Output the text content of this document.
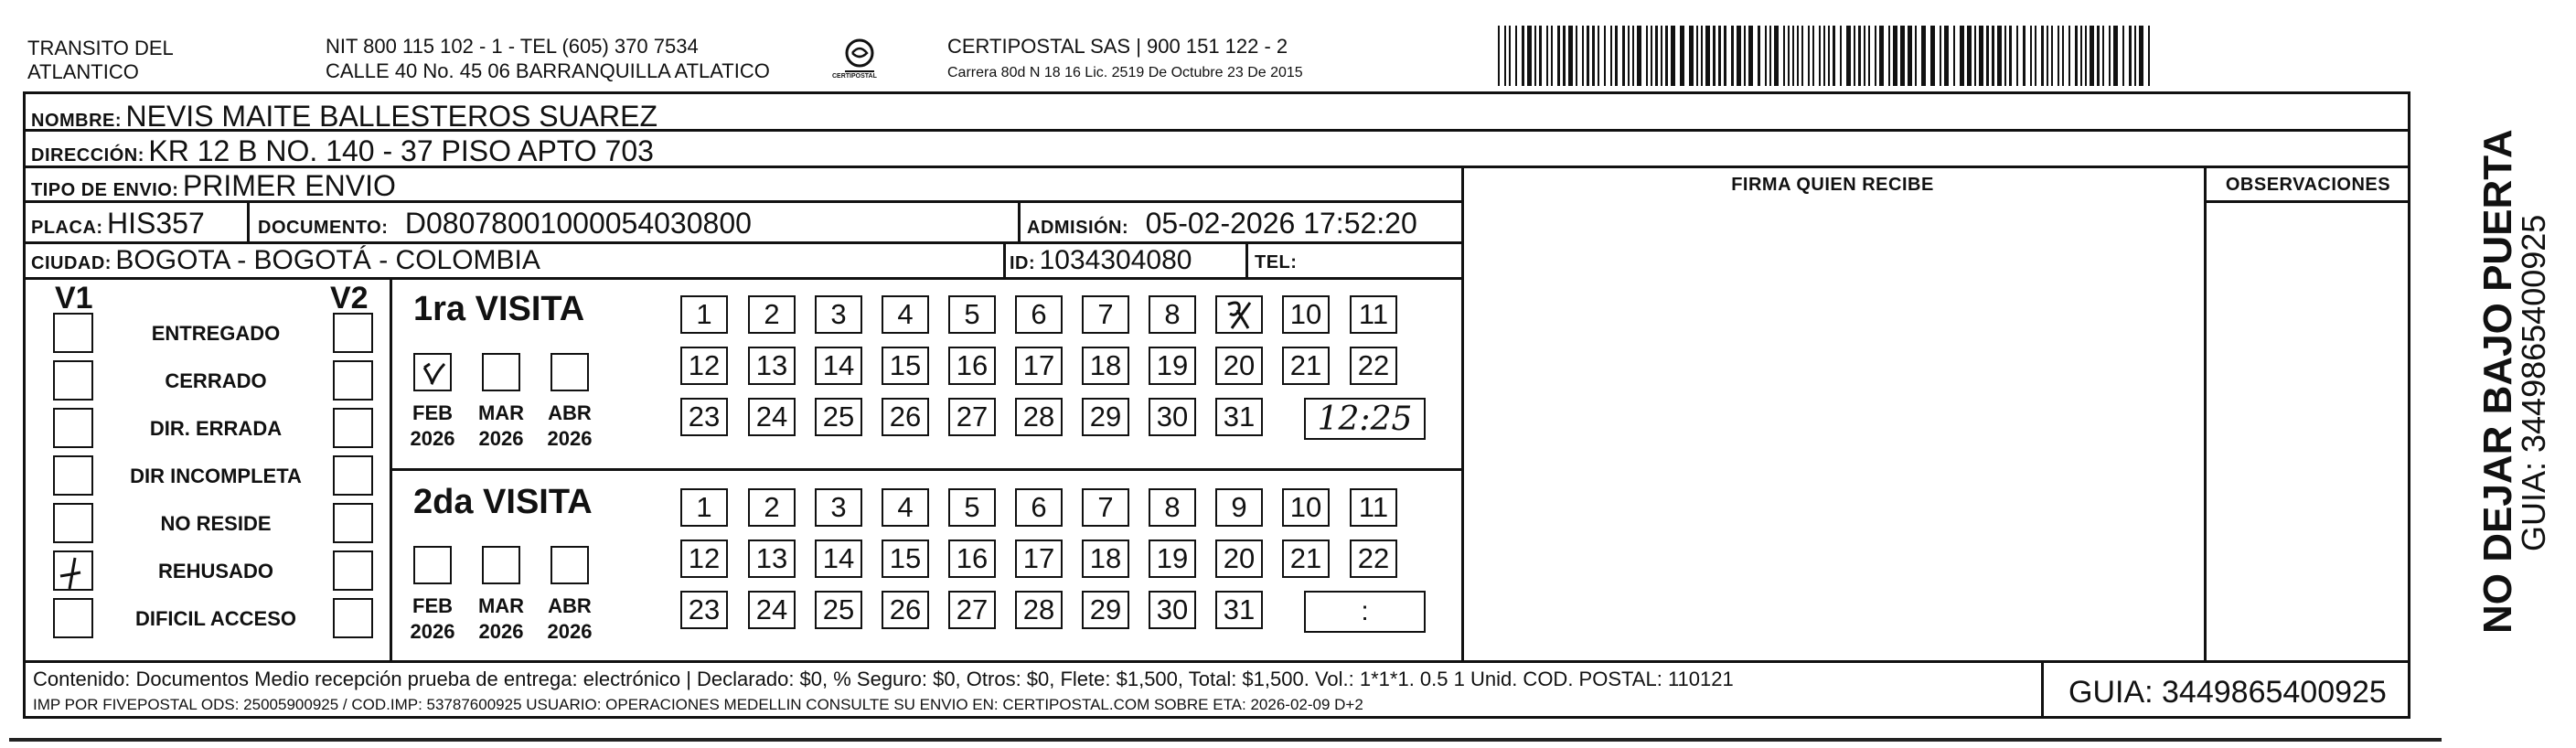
TRANSITO DEL
ATLANTICO
NIT 800 115 102 - 1 - TEL (605) 370 7534
CALLE 40 No. 45 06 BARRANQUILLA ATLATICO	CERTIPOSTAL
CERTIPOSTAL SAS | 900 151 122 - 2
Carrera 80d N 18 16 Lic. 2519 De Octubre 23 De 2015
NOMBRE: NEVIS MAITE BALLESTEROS SUAREZ
DIRECCIÓN: KR 12 B NO. 140 - 37 PISO APTO 703
TIPO DE ENVIO: PRIMER ENVIO
PLACA: HIS357	DOCUMENTO: D08078001000054030800	ADMISIÓN: 05-02-2026 17:52:20
CIUDAD: BOGOTA - BOGOTÁ - COLOMBIA	ID: 1034304080	TEL:
FIRMA QUIEN RECIBE	OBSERVACIONES
V1	V2
ENTREGADO
CERRADO
DIR. ERRADA
DIR INCOMPLETA
NO RESIDE
REHUSADO
DIFICIL ACCESO
1ra VISITA
FEB
2026
MAR
2026
ABR
2026
1	2	3	4	5	6	7	8	10	11
12 13 14 15 16 17 18 19 20 21 22
23 24 25 26 27 28 29 30 31 12:25
2da VISITA
FEB
2026
MAR
2026
ABR
2026
1	2	3	4	5	6	7	8	9	10	11
12 13 14 15 16 17 18 19 20 21 22
23 24 25 26 27 28 29 30 31	:
Contenido: Documentos Medio recepción prueba de entrega: electrónico | Declarado: $0, % Seguro: $0, Otros: $0, Flete: $1,500, Total: $1,500. Vol.: 1*1*1. 0.5 1 Unid. COD. POSTAL: 110121
IMP POR FIVEPOSTAL ODS: 25005900925 / COD.IMP: 53787600925 USUARIO: OPERACIONES MEDELLIN CONSULTE SU ENVIO EN: CERTIPOSTAL.COM SOBRE ETA: 2026-02-09 D+2	GUIA: 3449865400925
NO DEJAR BAJO PUERTA
GUIA: 3449865400925
